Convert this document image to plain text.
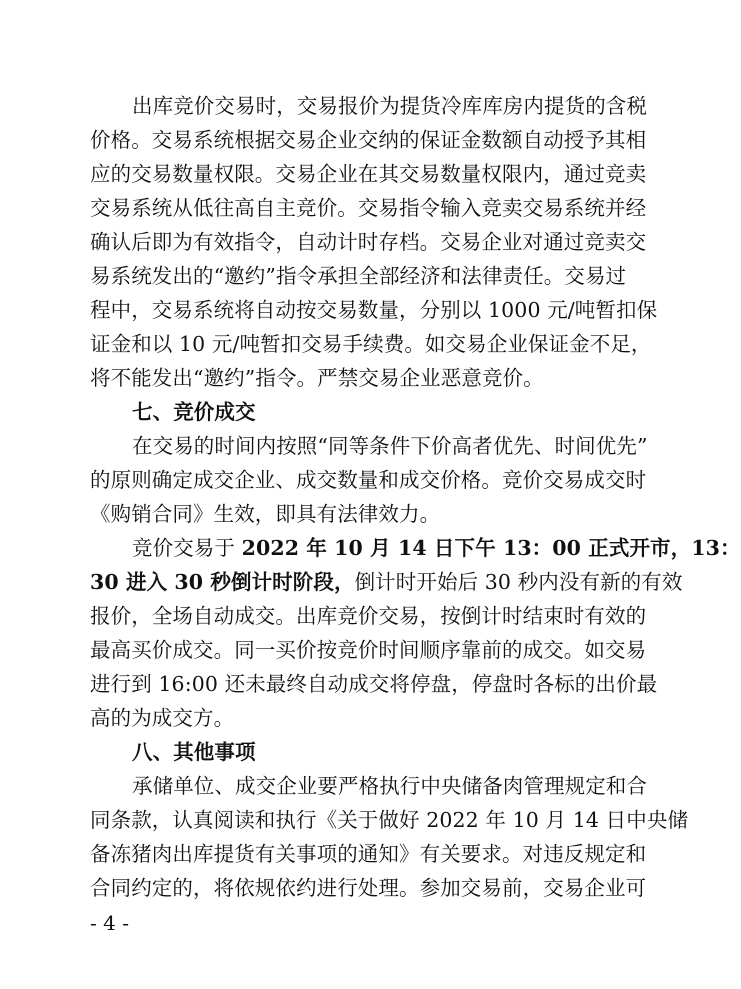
出库竞价交易时，交易报价为提货冷库库房内提货的含税
价格。交易系统根据交易企业交纳的保证金数额自动授予其相
应的交易数量权限。交易企业在其交易数量权限内，通过竞卖
交易系统从低往高自主竞价。交易指令输入竞卖交易系统并经
确认后即为有效指令，自动计时存档。交易企业对通过竞卖交
易系统发出的“邀约”指令承担全部经济和法律责任。交易过
程中，交易系统将自动按交易数量，分别以 1000 元/吨暂扣保
证金和以 10 元/吨暂扣交易手续费。如交易企业保证金不足，
将不能发出“邀约”指令。严禁交易企业恶意竞价。
七、竞价成交
在交易的时间内按照“同等条件下价高者优先、时间优先”
的原则确定成交企业、成交数量和成交价格。竞价交易成交时
《购销合同》生效，即具有法律效力。
竞价交易于 2022 年 10 月 14 日下午 13：00 正式开市，13：
30 进入 30 秒倒计时阶段，倒计时开始后 30 秒内没有新的有效
报价，全场自动成交。出库竞价交易，按倒计时结束时有效的
最高买价成交。同一买价按竞价时间顺序靠前的成交。如交易
进行到 16:00 还未最终自动成交将停盘，停盘时各标的出价最
高的为成交方。
八、其他事项
承储单位、成交企业要严格执行中央储备肉管理规定和合
同条款，认真阅读和执行《关于做好 2022 年 10 月 14 日中央储
备冻猪肉出库提货有关事项的通知》有关要求。对违反规定和
合同约定的，将依规依约进行处理。参加交易前，交易企业可
- 4 -
